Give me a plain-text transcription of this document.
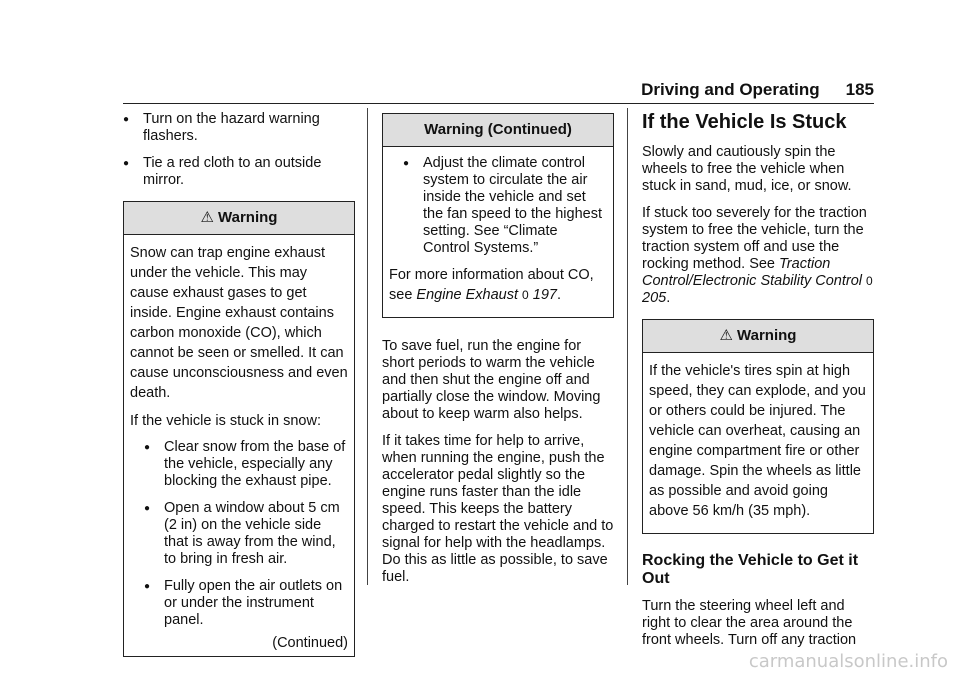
Driving and Operating 185
● Turn on the hazard warning flashers.
● Tie a red cloth to an outside mirror.
⚠ Warning

Snow can trap engine exhaust under the vehicle. This may cause exhaust gases to get inside. Engine exhaust contains carbon monoxide (CO), which cannot be seen or smelled. It can cause unconsciousness and even death.

If the vehicle is stuck in snow:

● Clear snow from the base of the vehicle, especially any blocking the exhaust pipe.
● Open a window about 5 cm (2 in) on the vehicle side that is away from the wind, to bring in fresh air.
● Fully open the air outlets on or under the instrument panel.
(Continued)
Warning (Continued)
● Adjust the climate control system to circulate the air inside the vehicle and set the fan speed to the highest setting. See “Climate Control Systems.”

For more information about CO, see Engine Exhaust 0 197.

To save fuel, run the engine for short periods to warm the vehicle and then shut the engine off and partially close the window. Moving about to keep warm also helps.

If it takes time for help to arrive, when running the engine, push the accelerator pedal slightly so the engine runs faster than the idle speed. This keeps the battery charged to restart the vehicle and to signal for help with the headlamps. Do this as little as possible, to save fuel.

If the Vehicle Is Stuck

Slowly and cautiously spin the wheels to free the vehicle when stuck in sand, mud, ice, or snow.

If stuck too severely for the traction system to free the vehicle, turn the traction system off and use the rocking method. See Traction Control/Electronic Stability Control 0 205.

⚠ Warning

If the vehicle's tires spin at high speed, they can explode, and you or others could be injured. The vehicle can overheat, causing an engine compartment fire or other damage. Spin the wheels as little as possible and avoid going above 56 km/h (35 mph).

Rocking the Vehicle to Get it Out

Turn the steering wheel left and right to clear the area around the front wheels. Turn off any traction

carmanualsonline.info
